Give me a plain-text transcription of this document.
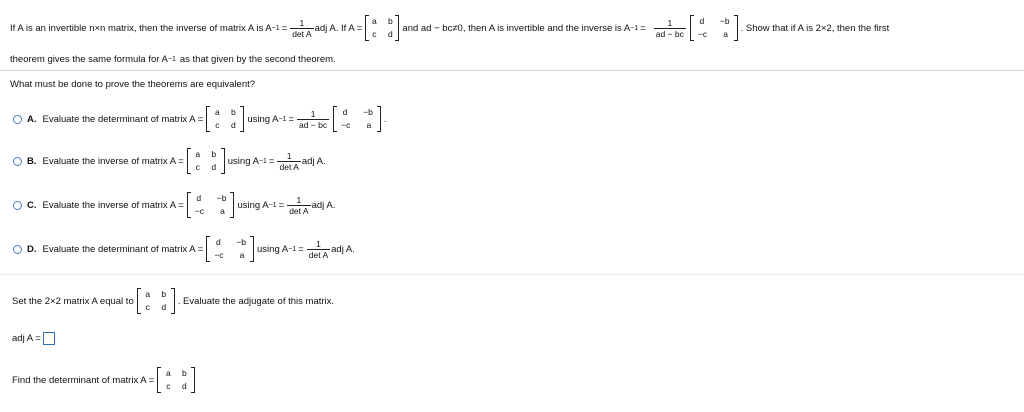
If A is an invertible n×n matrix, then the inverse of matrix A is $A -1 = \frac{1}{\text{det A}}$ adj A. If A =
a b
c d
and ad − bc≠0, then A is invertible and the inverse is $A -1 = \frac{1}{ad - bc}$ d −b
−c a
. Show that if A is 2×2, then the first
theorem gives the same formula for A −1 as that given by the second theorem.
What must be done to prove the theorems are equivalent?
A. Evaluate the determinant of matrix A =
a b
c d
using $A -1 = \frac{1}{ad - bc}$ d −b
−c a
.
B. Evaluate the inverse of matrix A =
a b
c d
using $A -1 = \frac{1}{\text{det A}}$ adj A.
C. Evaluate the inverse of matrix A =
d −b
−c a
using $A -1 = \frac{1}{\text{det A}}$ adj A.
D. Evaluate the determinant of matrix A =
d −b
−c a
using $A -1 = \frac{1}{\text{det A}}$ adj A.
Set the 2×2 matrix A equal to
a b
c d
. Evaluate the adjugate of this matrix.
adj A =
Find the determinant of matrix A =
a b
c d
